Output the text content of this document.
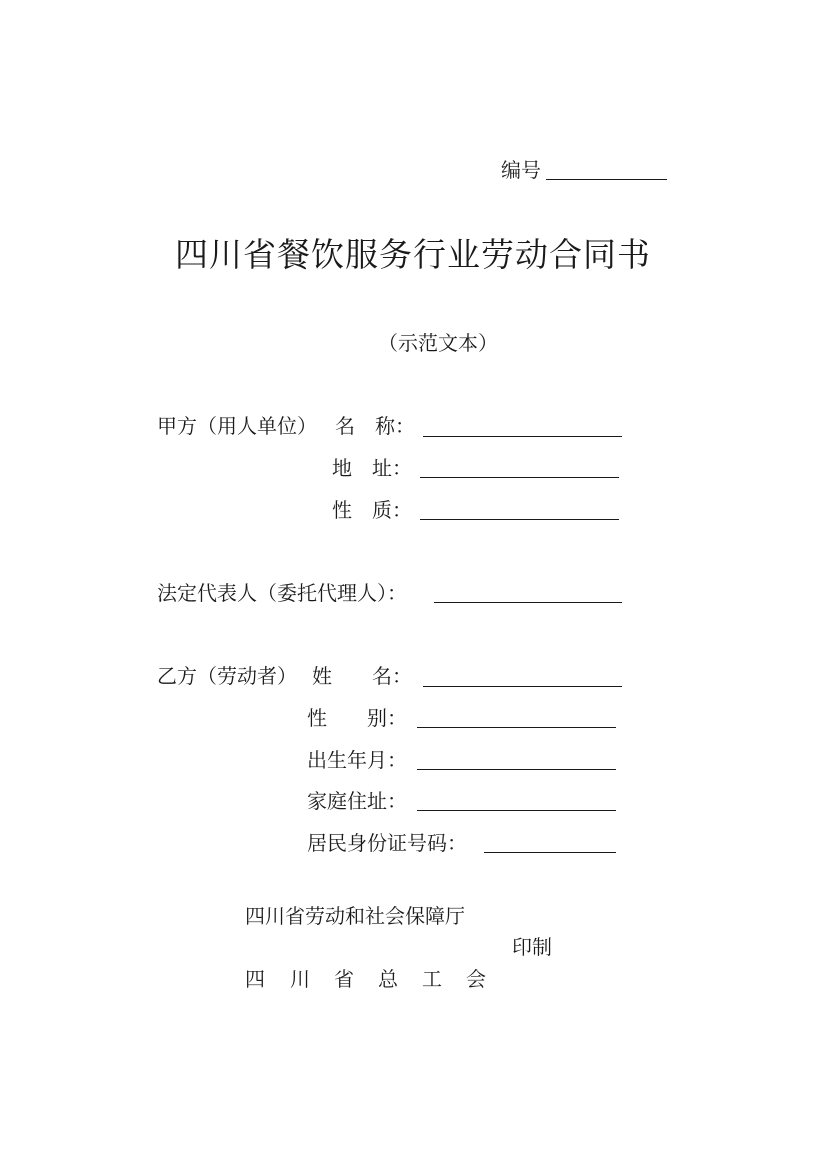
编号
四川省餐饮服务行业劳动合同书
（示范文本）
甲方（用人单位） 名　称：
地　址：
性　质：
法定代表人（委托代理人）：
乙方（劳动者） 姓　　名：
性　　别：
出生年月：
家庭住址：
居民身份证号码：
四川省劳动和社会保障厅
印制
四 川 省 总 工 会
